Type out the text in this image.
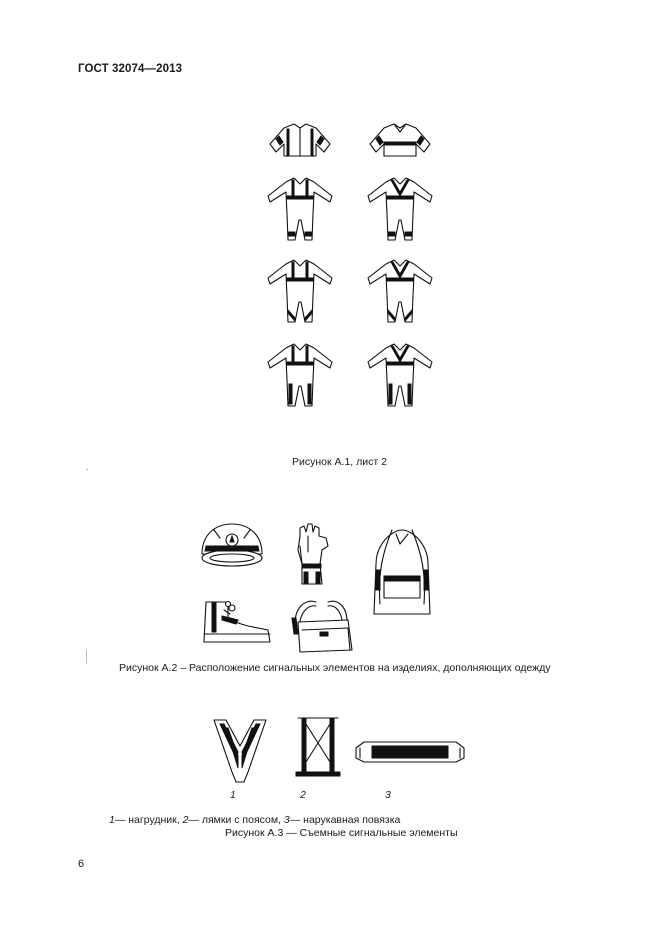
ГОСТ 32074—2013
Рисунок А.1, лист 2
.
Рисунок А.2 – Расположение сигнальных элементов на изделиях, дополняющих одежду
1	2	3
1— нагрудник, 2— лямки с поясом, 3— нарукавная повязка
Рисунок А.3 — Съемные сигнальные элементы
6
